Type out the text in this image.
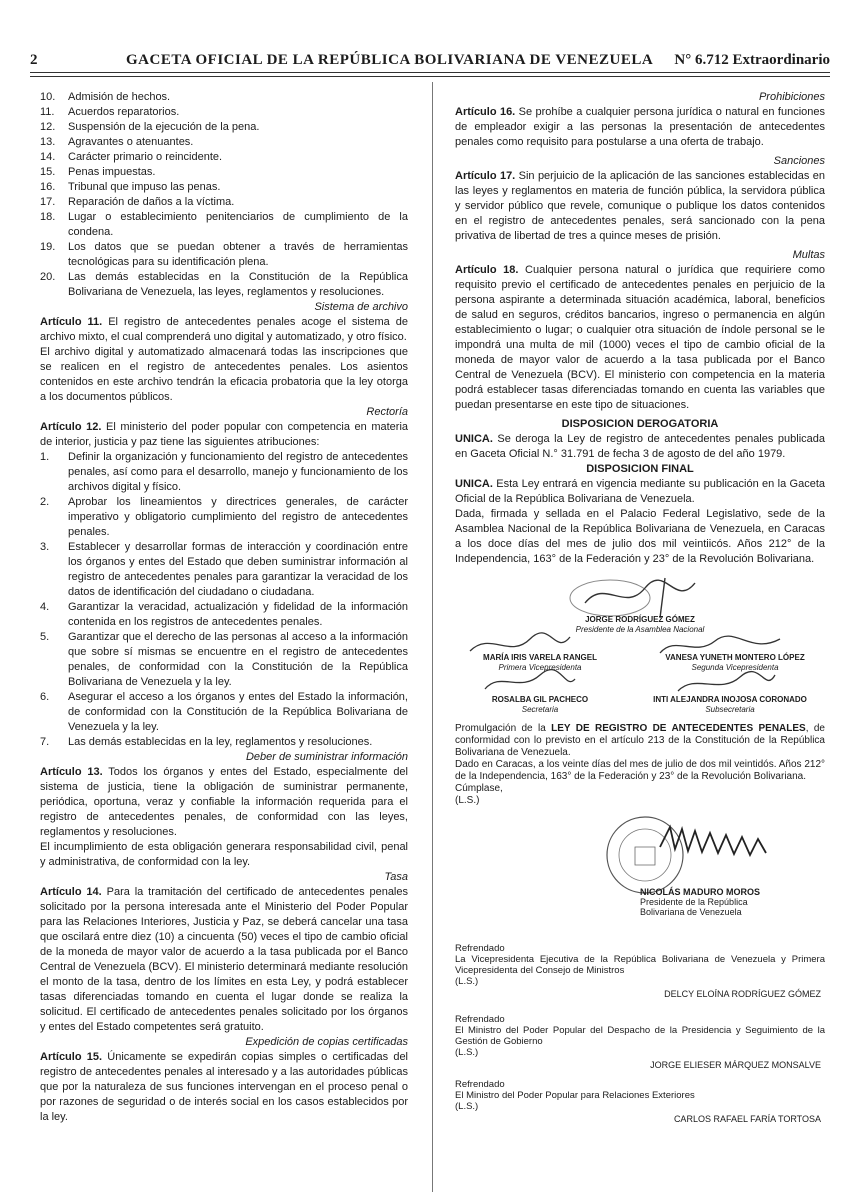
2	GACETA OFICIAL DE LA REPÚBLICA BOLIVARIANA DE VENEZUELA N° 6.712 Extraordinario
10.	Admisión de hechos.
11.	Acuerdos reparatorios.
12.	Suspensión de la ejecución de la pena.
13.	Agravantes o atenuantes.
14.	Carácter primario o reincidente.
15.	Penas impuestas.
16.	Tribunal que impuso las penas.
17.	Reparación de daños a la víctima.
18.	Lugar o establecimiento penitenciarios de cumplimiento de la condena.
19.	Los datos que se puedan obtener a través de herramientas tecnológicas para su identificación plena.
20.	Las demás establecidas en la Constitución de la República Bolivariana de Venezuela, las leyes, reglamentos y resoluciones.

Sistema de archivo

Artículo 11. El registro de antecedentes penales acoge el sistema de archivo mixto, el cual comprenderá uno digital y automatizado, y otro físico.

El archivo digital y automatizado almacenará todas las inscripciones que se realicen en el registro de antecedentes penales. Los asientos contenidos en este archivo tendrán la eficacia probatoria que la ley otorga a los documentos públicos.

Rectoría

Artículo 12. El ministerio del poder popular con competencia en materia de interior, justicia y paz tiene las siguientes atribuciones:

1.	Definir la organización y funcionamiento del registro de antecedentes penales, así como para el desarrollo, manejo y funcionamiento de los archivos digital y físico.
2.	Aprobar los lineamientos y directrices generales, de carácter imperativo y obligatorio cumplimiento del registro de antecedentes penales.
3.	Establecer y desarrollar formas de interacción y coordinación entre los órganos y entes del Estado que deben suministrar información al registro de antecedentes penales para garantizar la veracidad de los datos de identificación del ciudadano o ciudadana.
4.	Garantizar la veracidad, actualización y fidelidad de la información contenida en los registros de antecedentes penales.
5.	Garantizar que el derecho de las personas al acceso a la información que sobre sí mismas se encuentre en el registro de antecedentes penales, de conformidad con la Constitución de la República Bolivariana de Venezuela y la ley.
6.	Asegurar el acceso a los órganos y entes del Estado la información, de conformidad con la Constitución de la República Bolivariana de Venezuela y la ley.
7.	Las demás establecidas en la ley, reglamentos y resoluciones.

Deber de suministrar información

Artículo 13. Todos los órganos y entes del Estado, especialmente del sistema de justicia, tiene la obligación de suministrar permanente, periódica, oportuna, veraz y confiable la información requerida para el registro de antecedentes penales, de conformidad con las leyes, reglamentos y resoluciones.

El incumplimiento de esta obligación generara responsabilidad civil, penal y administrativa, de conformidad con la ley.

Tasa

Artículo 14. Para la tramitación del certificado de antecedentes penales solicitado por la persona interesada ante el Ministerio del Poder Popular para las Relaciones Interiores, Justicia y Paz, se deberá cancelar una tasa que oscilará entre diez (10) a cincuenta (50) veces el tipo de cambio oficial de la moneda de mayor valor de acuerdo a la tasa publicada por el Banco Central de Venezuela (BCV). El ministerio determinará mediante resolución el monto de la tasa, dentro de los límites en esta Ley, y podrá establecer tasas diferenciadas tomando en cuenta el lugar donde se realiza la solicitud. El certificado de antecedentes penales solicitado por los órganos y entes del Estado competentes será gratuito.

Expedición de copias certificadas

Artículo 15. Únicamente se expedirán copias simples o certificadas del registro de antecedentes penales al interesado y a las autoridades públicas que por la naturaleza de sus funciones intervengan en el proceso penal o por razones de seguridad o de interés social en los casos establecidos por la ley.

Prohibiciones

Artículo 16. Se prohíbe a cualquier persona jurídica o natural en funciones de empleador exigir a las personas la presentación de antecedentes penales como requisito para postularse a una oferta de trabajo.

Sanciones

Artículo 17. Sin perjuicio de la aplicación de las sanciones establecidas en las leyes y reglamentos en materia de función pública, la servidora pública y servidor público que revele, comunique o publique los datos contenidos en el registro de antecedentes penales, será sancionado con la pena privativa de libertad de tres a quince meses de prisión.

Multas

Artículo 18. Cualquier persona natural o jurídica que requiriere como requisito previo el certificado de antecedentes penales en perjuicio de la persona aspirante a determinada situación académica, laboral, beneficios de salud en seguros, créditos bancarios, ingreso o permanencia en algún establecimiento o lugar; o cualquier otra situación de índole personal se le impondrá una multa de mil (1000) veces el tipo de cambio oficial de la moneda de mayor valor de acuerdo a la tasa publicada por el Banco Central de Venezuela (BCV). El ministerio con competencia en la materia podrá establecer tasas diferenciadas tomando en cuenta las variables que puedan presentarse en este tipo de situaciones.

DISPOSICION DEROGATORIA

UNICA. Se deroga la Ley de registro de antecedentes penales publicada en Gaceta Oficial N.° 31.791 de fecha 3 de agosto de del año 1979.

DISPOSICION FINAL

UNICA. Esta Ley entrará en vigencia mediante su publicación en la Gaceta Oficial de la República Bolivariana de Venezuela.

Dada, firmada y sellada en el Palacio Federal Legislativo, sede de la Asamblea Nacional de la República Bolivariana de Venezuela, en Caracas a los doce días del mes de julio dos mil veintiicós. Años 212° de la Independencia, 163° de la Federación y 23° de la Revolución Bolivariana.

JORGE RODRÍGUEZ GÓMEZ
Presidente de la Asamblea Nacional
MARÍA IRIS VARELA RANGEL
Primera Vicepresidenta
VANESA YUNETH MONTERO LÓPEZ
Segunda Vicepresidenta
ROSALBA GIL PACHECO
Secretaria
INTI ALEJANDRA INOJOSA CORONADO
Subsecretaria

Promulgación de la LEY DE REGISTRO DE ANTECEDENTES PENALES, de conformidad con lo previsto en el artículo 213 de la Constitución de la República Bolivariana de Venezuela.

Dado en Caracas, a los veinte días del mes de julio de dos mil veintidós. Años 212° de la Independencia, 163° de la Federación y 23° de la Revolución Bolivariana.

Cúmplase,

(L.S.)

NICOLÁS MADURO MOROS
Presidente de la República
Bolivariana de Venezuela

Refrendado

La Vicepresidenta Ejecutiva de la República Bolivariana de Venezuela y Primera Vicepresidenta del Consejo de Ministros

(L.S.)

DELCY ELOÍNA RODRÍGUEZ GÓMEZ

Refrendado

El Ministro del Poder Popular del Despacho de la Presidencia y Seguimiento de la Gestión de Gobierno

(L.S.)

JORGE ELIESER MÁRQUEZ MONSALVE

Refrendado

El Ministro del Poder Popular para Relaciones Exteriores

(L.S.)

CARLOS RAFAEL FARÍA TORTOSA
